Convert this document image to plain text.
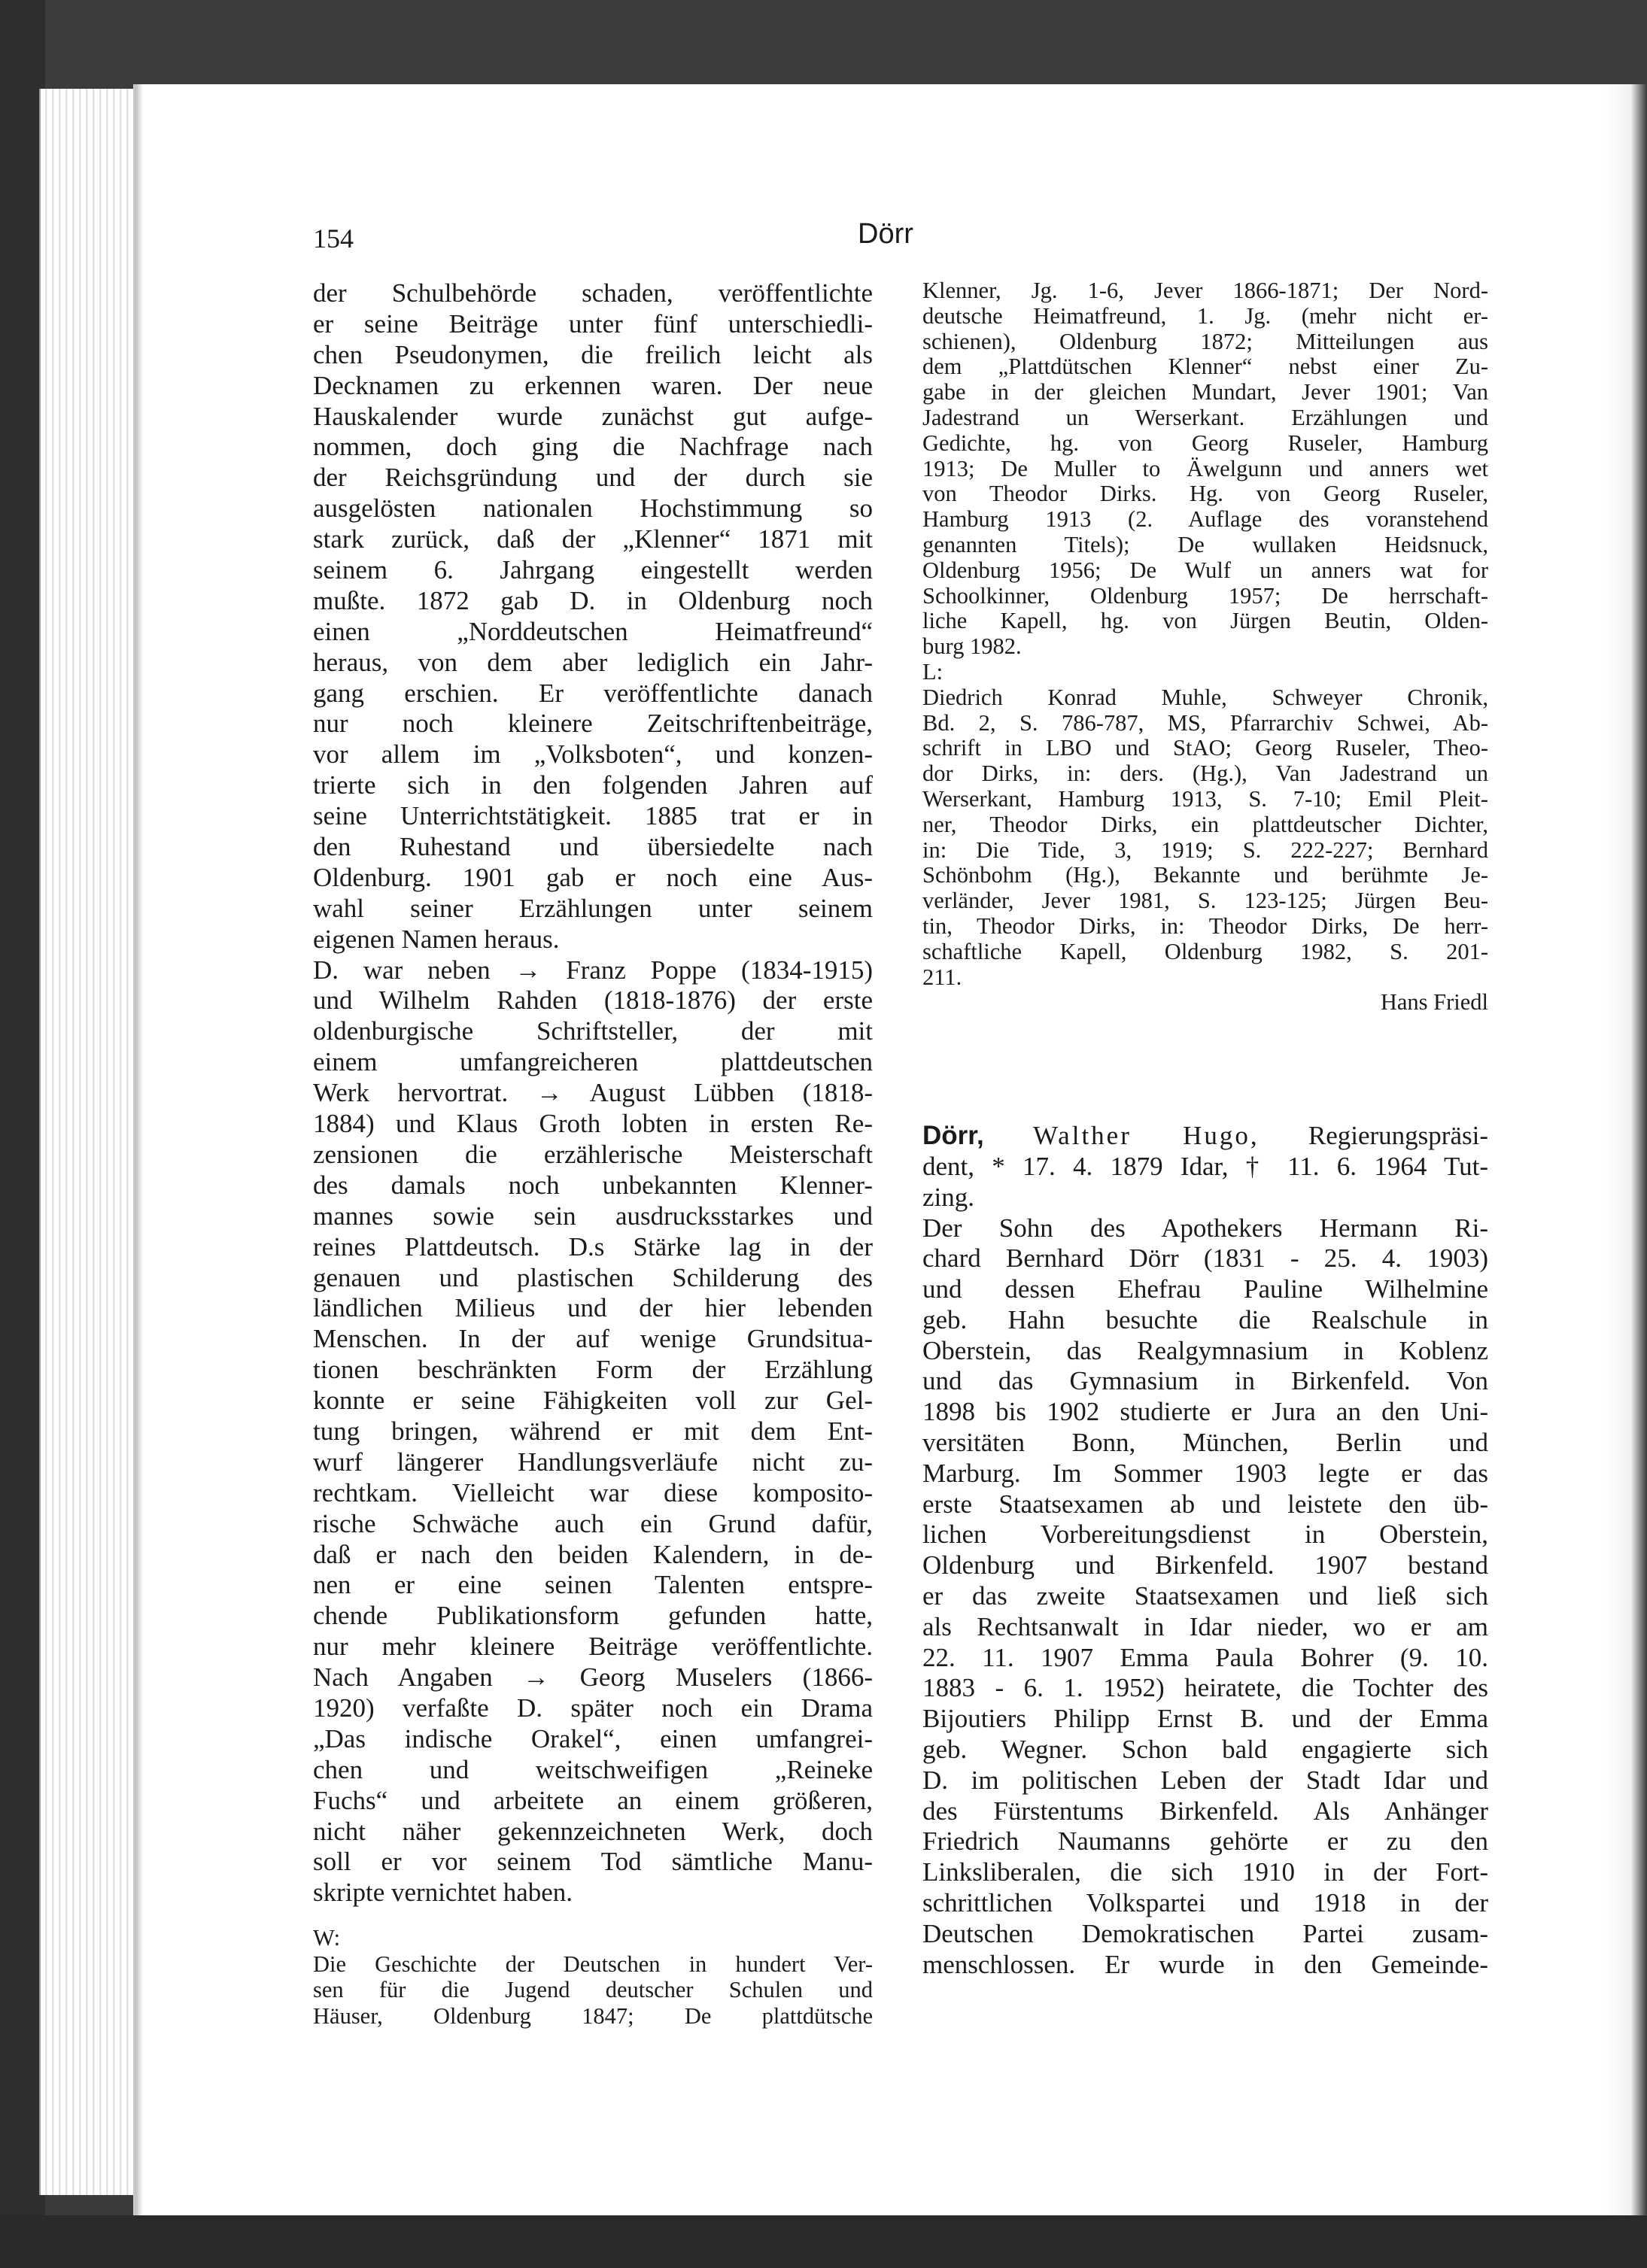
154	Dörr

der Schulbehörde schaden, veröffentlichte
er seine Beiträge unter fünf unterschiedli-
chen Pseudonymen, die freilich leicht als
Decknamen zu erkennen waren. Der neue
Hauskalender wurde zunächst gut aufge-
nommen, doch ging die Nachfrage nach
der Reichsgründung und der durch sie
ausgelösten nationalen Hochstimmung so
stark zurück, daß der „Klenner“ 1871 mit
seinem 6. Jahrgang eingestellt werden
mußte. 1872 gab D. in Oldenburg noch
einen „Norddeutschen Heimatfreund“
heraus, von dem aber lediglich ein Jahr-
gang erschien. Er veröffentlichte danach
nur noch kleinere Zeitschriftenbeiträge,
vor allem im „Volksboten“, und konzen-
trierte sich in den folgenden Jahren auf
seine Unterrichtstätigkeit. 1885 trat er in
den Ruhestand und übersiedelte nach
Oldenburg. 1901 gab er noch eine Aus-
wahl seiner Erzählungen unter seinem
eigenen Namen heraus.
D. war neben → Franz Poppe (1834-1915)
und Wilhelm Rahden (1818-1876) der erste
oldenburgische Schriftsteller, der mit
einem umfangreicheren plattdeutschen
Werk hervortrat. → August Lübben (1818-
1884) und Klaus Groth lobten in ersten Re-
zensionen die erzählerische Meisterschaft
des damals noch unbekannten Klenner-
mannes sowie sein ausdrucksstarkes und
reines Plattdeutsch. D.s Stärke lag in der
genauen und plastischen Schilderung des
ländlichen Milieus und der hier lebenden
Menschen. In der auf wenige Grundsitua-
tionen beschränkten Form der Erzählung
konnte er seine Fähigkeiten voll zur Gel-
tung bringen, während er mit dem Ent-
wurf längerer Handlungsverläufe nicht zu-
rechtkam. Vielleicht war diese komposito-
rische Schwäche auch ein Grund dafür,
daß er nach den beiden Kalendern, in de-
nen er eine seinen Talenten entspre-
chende Publikationsform gefunden hatte,
nur mehr kleinere Beiträge veröffentlichte.
Nach Angaben → Georg Muselers (1866-
1920) verfaßte D. später noch ein Drama
„Das indische Orakel“, einen umfangrei-
chen und weitschweifigen „Reineke
Fuchs“ und arbeitete an einem größeren,
nicht näher gekennzeichneten Werk, doch
soll er vor seinem Tod sämtliche Manu-
skripte vernichtet haben.
W:
Die Geschichte der Deutschen in hundert Ver-
sen für die Jugend deutscher Schulen und
Häuser, Oldenburg 1847; De plattdütsche
Klenner, Jg. 1-6, Jever 1866-1871; Der Nord-
deutsche Heimatfreund, 1. Jg. (mehr nicht er-
schienen), Oldenburg 1872; Mitteilungen aus
dem „Plattdütschen Klenner“ nebst einer Zu-
gabe in der gleichen Mundart, Jever 1901; Van
Jadestrand un Werserkant. Erzählungen und
Gedichte, hg. von Georg Ruseler, Hamburg
1913; De Muller to Äwelgunn und anners wet
von Theodor Dirks. Hg. von Georg Ruseler,
Hamburg 1913 (2. Auflage des voranstehend
genannten Titels); De wullaken Heidsnuck,
Oldenburg 1956; De Wulf un anners wat for
Schoolkinner, Oldenburg 1957; De herrschaft-
liche Kapell, hg. von Jürgen Beutin, Olden-
burg 1982.
L:
Diedrich Konrad Muhle, Schweyer Chronik,
Bd. 2, S. 786-787, MS, Pfarrarchiv Schwei, Ab-
schrift in LBO und StAO; Georg Ruseler, Theo-
dor Dirks, in: ders. (Hg.), Van Jadestrand un
Werserkant, Hamburg 1913, S. 7-10; Emil Pleit-
ner, Theodor Dirks, ein plattdeutscher Dichter,
in: Die Tide, 3, 1919; S. 222-227; Bernhard
Schönbohm (Hg.), Bekannte und berühmte Je-
verländer, Jever 1981, S. 123-125; Jürgen Beu-
tin, Theodor Dirks, in: Theodor Dirks, De herr-
schaftliche Kapell, Oldenburg 1982, S. 201-
211.
Hans Friedl
Dörr, Walther Hugo, Regierungspräsi-
dent, * 17. 4. 1879 Idar, † 11. 6. 1964 Tut-
zing.
Der Sohn des Apothekers Hermann Ri-
chard Bernhard Dörr (1831 - 25. 4. 1903)
und dessen Ehefrau Pauline Wilhelmine
geb. Hahn besuchte die Realschule in
Oberstein, das Realgymnasium in Koblenz
und das Gymnasium in Birkenfeld. Von
1898 bis 1902 studierte er Jura an den Uni-
versitäten Bonn, München, Berlin und
Marburg. Im Sommer 1903 legte er das
erste Staatsexamen ab und leistete den üb-
lichen Vorbereitungsdienst in Oberstein,
Oldenburg und Birkenfeld. 1907 bestand
er das zweite Staatsexamen und ließ sich
als Rechtsanwalt in Idar nieder, wo er am
22. 11. 1907 Emma Paula Bohrer (9. 10.
1883 - 6. 1. 1952) heiratete, die Tochter des
Bijoutiers Philipp Ernst B. und der Emma
geb. Wegner. Schon bald engagierte sich
D. im politischen Leben der Stadt Idar und
des Fürstentums Birkenfeld. Als Anhänger
Friedrich Naumanns gehörte er zu den
Linksliberalen, die sich 1910 in der Fort-
schrittlichen Volkspartei und 1918 in der
Deutschen Demokratischen Partei zusam-
menschlossen. Er wurde in den Gemeinde-
